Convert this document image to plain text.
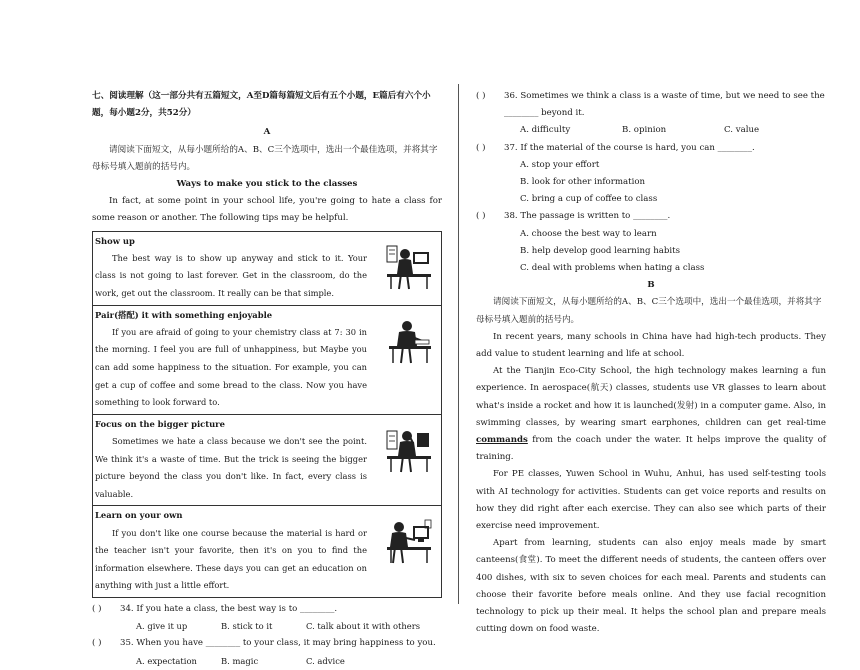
七、阅读理解（这一部分共有五篇短文，A至D篇每篇短文后有五个小题，E篇后有六个小题，每小题2分，共52分）
A
请阅读下面短文，从每小题所给的A、B、C三个选项中，选出一个最佳选项，并将其字母标号填入题前的括号内。
Ways to make you stick to the classes
In fact, at some point in your school life, you're going to hate a class for some reason or another. The following tips may be helpful.
Show up
The best way is to show up anyway and stick to it. Your class is not going to last forever. Get in the classroom, do the work, get out the classroom. It really can be that simple.
Pair(搭配) it with something enjoyable
If you are afraid of going to your chemistry class at 7: 30 in the morning. I feel you are full of unhappiness, but Maybe you can add some happiness to the situation. For example, you can get a cup of coffee and some bread to the class. Now you have something to look forward to.
Focus on the bigger picture
Sometimes we hate a class because we don't see the point. We think it's a waste of time. But the trick is seeing the bigger picture beyond the class you don't like. In fact, every class is valuable.
Learn on your own
If you don't like one course because the material is hard or the teacher isn't your favorite, then it's on you to find the information elsewhere. These days you can get an education on anything with just a little effort.
( )	34. If you hate a class, the best way is to ________.
A. give it up	B. stick to it	C. talk about it with others
( )	35. When you have ________ to your class, it may bring happiness to you.
A. expectation	B. magic	C. advice
( )	36. Sometimes we think a class is a waste of time, but we need to see the ________ beyond it.
A. difficulty	B. opinion	C. value
( )	37. If the material of the course is hard, you can ________.
A. stop your effort
B. look for other information
C. bring a cup of coffee to class
( )	38. The passage is written to ________.
A. choose the best way to learn
B. help develop good learning habits
C. deal with problems when hating a class
B
请阅读下面短文，从每小题所给的A、B、C三个选项中，选出一个最佳选项，并将其字母标号填入题前的括号内。
In recent years, many schools in China have had high-tech products. They add value to student learning and life at school.
At the Tianjin Eco-City School, the high technology makes learning a fun experience. In aerospace(航天) classes, students use VR glasses to learn about what's inside a rocket and how it is launched(发射) in a computer game. Also, in swimming classes, by wearing smart earphones, children can get real-time commands from the coach under the water. It helps improve the quality of training.
For PE classes, Yuwen School in Wuhu, Anhui, has used self-testing tools with AI technology for activities. Students can get voice reports and results on how they did right after each exercise. They can also see which parts of their exercise need improvement.
Apart from learning, students can also enjoy meals made by smart canteens(食堂). To meet the different needs of students, the canteen offers over 400 dishes, with six to seven choices for each meal. Parents and students can choose their favorite before meals online. And they use facial recognition technology to pick up their meal. It helps the school plan and prepare meals cutting down on food waste.
